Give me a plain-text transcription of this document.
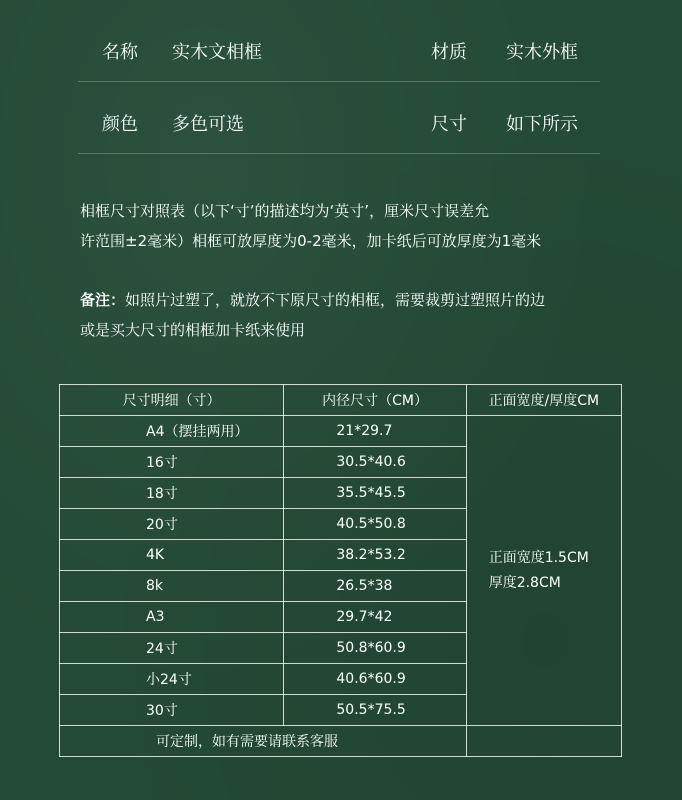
名称 实木文相框	材质 实木外框
颜色 多色可选	尺寸 如下所示
相框尺寸对照表（以下‘寸’的描述均为‘英寸’，厘米尺寸误差允
许范围±2毫米）相框可放厚度为0-2毫米，加卡纸后可放厚度为1毫米
备注：如照片过塑了，就放不下原尺寸的相框，需要裁剪过塑照片的边
或是买大尺寸的相框加卡纸来使用
尺寸明细（寸）	内径尺寸（CM）	正面宽度/厚度CM
A4（摆挂两用）	21*29.7	正面宽度1.5CM
厚度2.8CM

16寸	30.5*40.6	
18寸	35.5*45.5	
20寸	40.5*50.8	
4K	38.2*53.2	
8k	26.5*38	
A3	29.7*42	
24寸	50.8*60.9	
小24寸	40.6*60.9	
30寸	50.5*75.5	
可定制，如有需要请联系客服		
